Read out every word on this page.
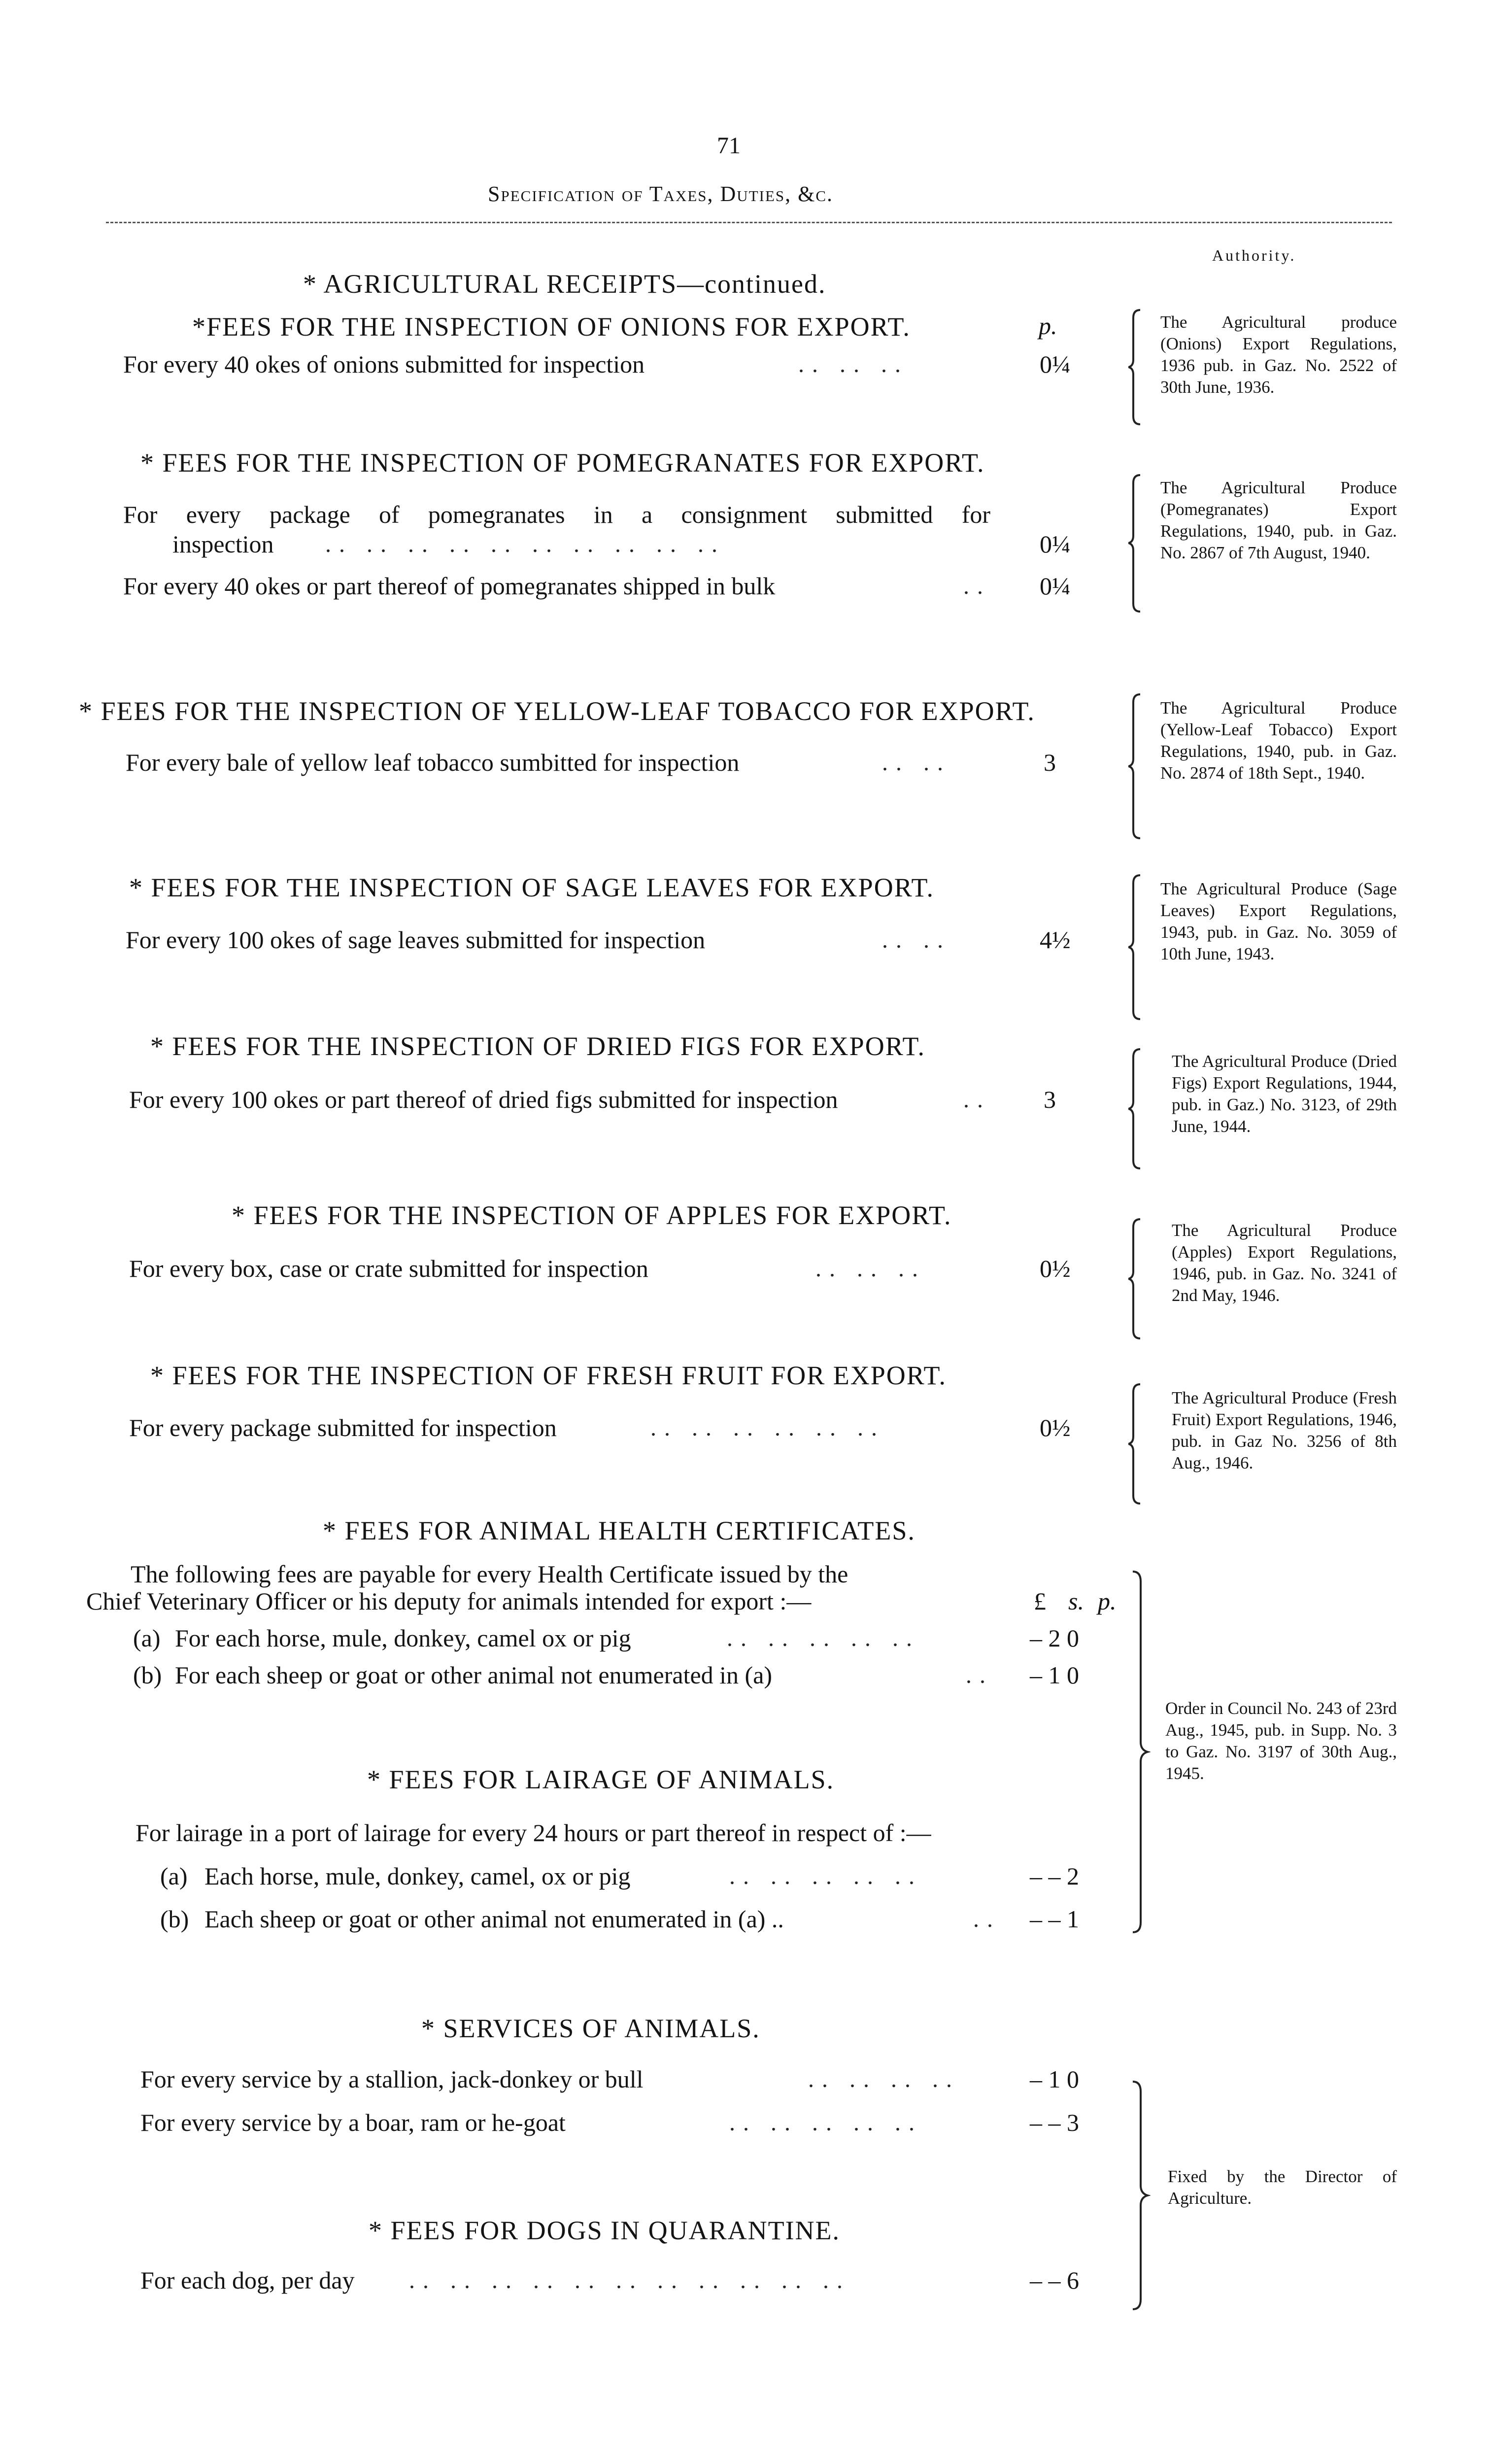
71
Specification of Taxes, Duties, &c.
Authority.
* AGRICULTURAL RECEIPTS—continued.
*FEES FOR THE INSPECTION OF ONIONS FOR EXPORT.	p.
For every 40 okes of onions submitted for inspection	.. .. ..	0¼
The Agricultural produce (Onions) Export Regulations, 1936 pub. in Gaz. No. 2522 of 30th June, 1936.
* FEES FOR THE INSPECTION OF POMEGRANATES FOR EXPORT.
For every package of pomegranates in a consignment submitted for
inspection .. .. .. .. .. .. .. .. .. ..	0¼
For every 40 okes or part thereof of pomegranates shipped in bulk	.. 0¼
The Agricultural Produce (Pomegranates) Export Regulations, 1940, pub. in Gaz. No. 2867 of 7th August, 1940.
* FEES FOR THE INSPECTION OF YELLOW-LEAF TOBACCO FOR EXPORT.
For every bale of yellow leaf tobacco sumbitted for inspection	.. ..	3
The Agricultural Produce (Yellow-Leaf Tobacco) Export Regulations, 1940, pub. in Gaz. No. 2874 of 18th Sept., 1940.
* FEES FOR THE INSPECTION OF SAGE LEAVES FOR EXPORT.
For every 100 okes of sage leaves submitted for inspection	.. ..	4½
The Agricultural Produce (Sage Leaves) Export Regulations, 1943, pub. in Gaz. No. 3059 of 10th June, 1943.
* FEES FOR THE INSPECTION OF DRIED FIGS FOR EXPORT.
For every 100 okes or part thereof of dried figs submitted for inspection	.. 3
The Agricultural Produce (Dried Figs) Export Regulations, 1944, pub. in Gaz.) No. 3123, of 29th June, 1944.
* FEES FOR THE INSPECTION OF APPLES FOR EXPORT.
For every box, case or crate submitted for inspection	.. .. ..	0½
The Agricultural Produce (Apples) Export Regulations, 1946, pub. in Gaz. No. 3241 of 2nd May, 1946.
* FEES FOR THE INSPECTION OF FRESH FRUIT FOR EXPORT.
For every package submitted for inspection	.. .. .. .. .. ..	0½
The Agricultural Produce (Fresh Fruit) Export Regulations, 1946, pub. in Gaz No. 3256 of 8th Aug., 1946.
* FEES FOR ANIMAL HEALTH CERTIFICATES.
The following fees are payable for every Health Certificate issued by the
Chief Veterinary Officer or his deputy for animals intended for export :—	£ s. p.
(a) For each horse, mule, donkey, camel ox or pig	.. .. .. .. ..	– 2 0
(b) For each sheep or goat or other animal not enumerated in (a)	.. – 1 0
* FEES FOR LAIRAGE OF ANIMALS.
For lairage in a port of lairage for every 24 hours or part thereof in respect of :—
(a) Each horse, mule, donkey, camel, ox or pig	.. .. .. .. ..	– – 2
(b) Each sheep or goat or other animal not enumerated in (a) ..	.. – – 1
Order in Council No. 243 of 23rd Aug., 1945, pub. in Supp. No. 3 to Gaz. No. 3197 of 30th Aug., 1945.
* SERVICES OF ANIMALS.
For every service by a stallion, jack-donkey or bull	.. .. .. ..	– 1 0
For every service by a boar, ram or he-goat	.. .. .. .. ..	– – 3
* FEES FOR DOGS IN QUARANTINE.
For each dog, per day .. .. .. .. .. .. .. .. .. .. ..	– – 6
Fixed by the Director of Agriculture.
